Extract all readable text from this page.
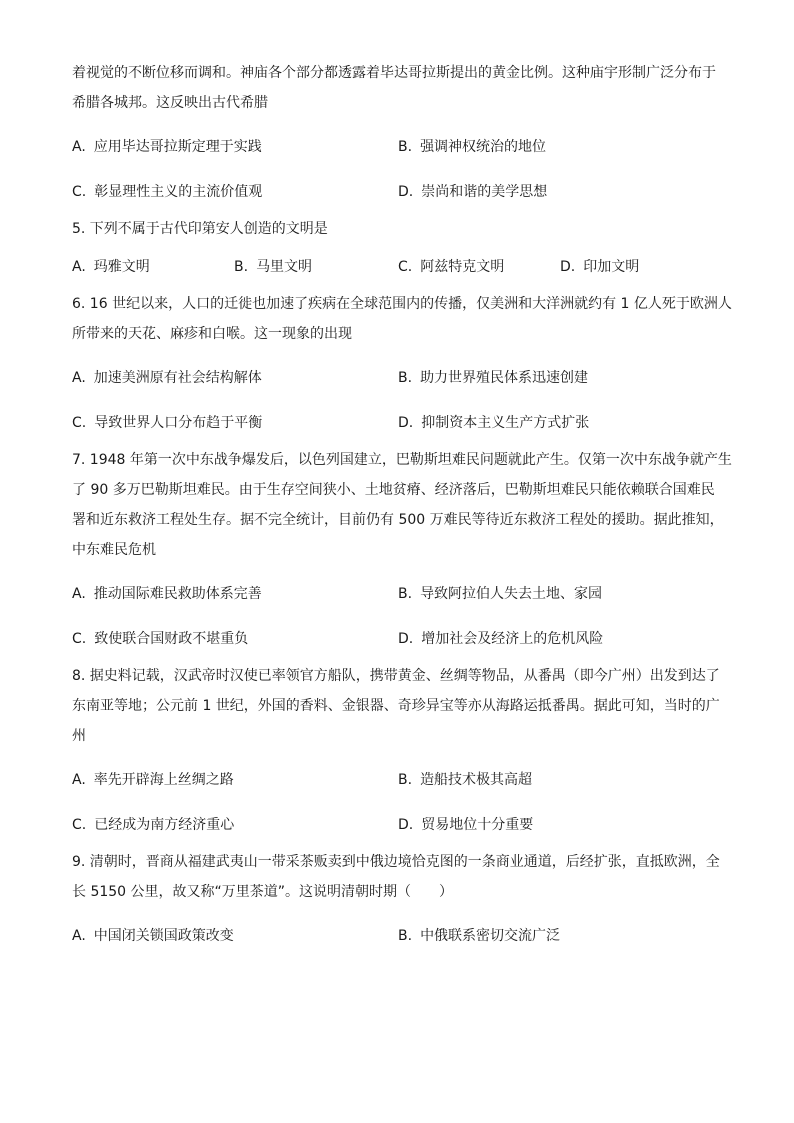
着视觉的不断位移而调和。神庙各个部分都透露着毕达哥拉斯提出的黄金比例。这种庙宇形制广泛分布于
希腊各城邦。这反映出古代希腊
A. 应用毕达哥拉斯定理于实践	B. 强调神权统治的地位
C. 彰显理性主义的主流价值观	D. 崇尚和谐的美学思想
5. 下列不属于古代印第安人创造的文明是
A. 玛雅文明	B. 马里文明	C. 阿兹特克文明	D. 印加文明
6. 16 世纪以来，人口的迁徙也加速了疾病在全球范围内的传播，仅美洲和大洋洲就约有 1 亿人死于欧洲人
所带来的天花、麻疹和白喉。这一现象的出现
A. 加速美洲原有社会结构解体	B. 助力世界殖民体系迅速创建
C. 导致世界人口分布趋于平衡	D. 抑制资本主义生产方式扩张
7. 1948 年第一次中东战争爆发后，以色列国建立，巴勒斯坦难民问题就此产生。仅第一次中东战争就产生
了 90 多万巴勒斯坦难民。由于生存空间狭小、土地贫瘠、经济落后，巴勒斯坦难民只能依赖联合国难民
署和近东救济工程处生存。据不完全统计，目前仍有 500 万难民等待近东救济工程处的援助。据此推知，
中东难民危机
A. 推动国际难民救助体系完善	B. 导致阿拉伯人失去土地、家园
C. 致使联合国财政不堪重负	D. 增加社会及经济上的危机风险
8. 据史料记载，汉武帝时汉使已率领官方船队，携带黄金、丝绸等物品，从番禺（即今广州）出发到达了
东南亚等地；公元前 1 世纪，外国的香料、金银器、奇珍异宝等亦从海路运抵番禺。据此可知，当时的广
州
A. 率先开辟海上丝绸之路	B. 造船技术极其高超
C. 已经成为南方经济重心	D. 贸易地位十分重要
9. 清朝时，晋商从福建武夷山一带采茶贩卖到中俄边境恰克图的一条商业通道，后经扩张，直抵欧洲，全
长 5150 公里，故又称“万里茶道”。这说明清朝时期（　　）
A. 中国闭关锁国政策改变	B. 中俄联系密切交流广泛
